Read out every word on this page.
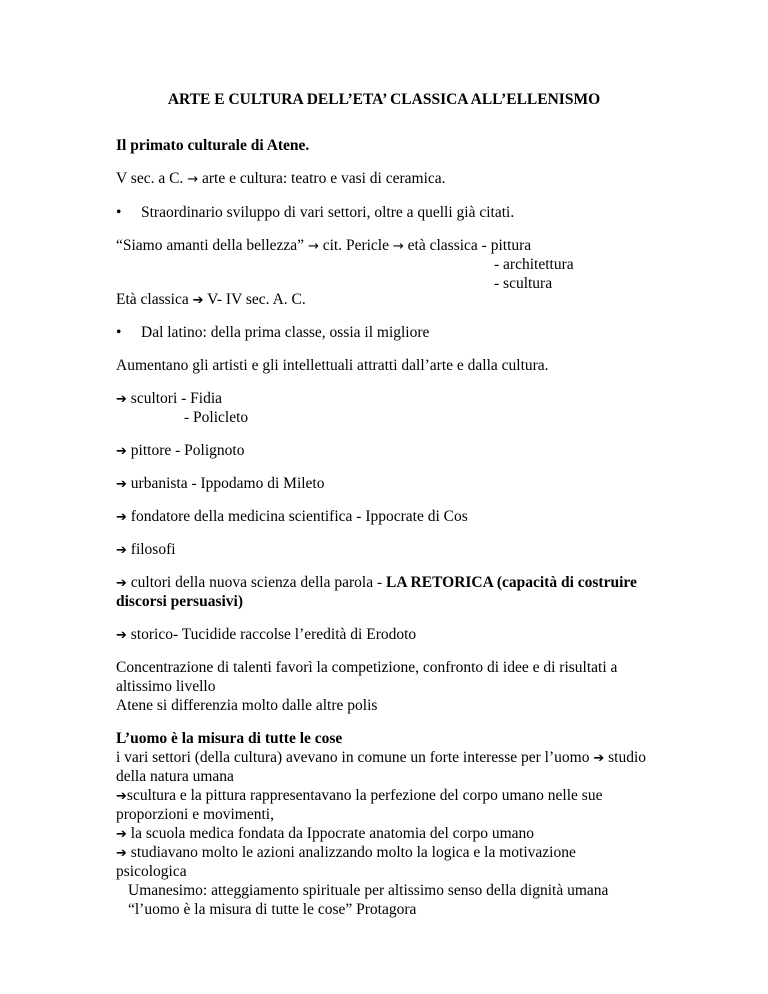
ARTE E CULTURA DELL’ETA’ CLASSICA ALL’ELLENISMO
Il primato culturale di Atene.
V sec. a C. → arte e cultura: teatro e vasi di ceramica.
• Straordinario sviluppo di vari settori, oltre a quelli già citati.
“Siamo amanti della bellezza” → cit. Pericle → età classica - pittura
- architettura
- scultura
Età classica ➔ V- IV sec. A. C.
• Dal latino: della prima classe, ossia il migliore
Aumentano gli artisti e gli intellettuali attratti dall’arte e dalla cultura.
➔ scultori - Fidia
- Policleto
➔ pittore - Polignoto
➔ urbanista - Ippodamo di Mileto
➔ fondatore della medicina scientifica - Ippocrate di Cos
➔ filosofi
➔ cultori della nuova scienza della parola - LA RETORICA (capacità di costruire
discorsi persuasivi)
➔ storico- Tucidide raccolse l’eredità di Erodoto
Concentrazione di talenti favorì la competizione, confronto di idee e di risultati a
altissimo livello
Atene si differenzia molto dalle altre polis
L’uomo è la misura di tutte le cose
i vari settori (della cultura) avevano in comune un forte interesse per l’uomo ➔ studio
della natura umana
➔scultura e la pittura rappresentavano la perfezione del corpo umano nelle sue
proporzioni e movimenti,
➔ la scuola medica fondata da Ippocrate anatomia del corpo umano
➔ studiavano molto le azioni analizzando molto la logica e la motivazione
psicologica
Umanesimo: atteggiamento spirituale per altissimo senso della dignità umana
“l’uomo è la misura di tutte le cose” Protagora
